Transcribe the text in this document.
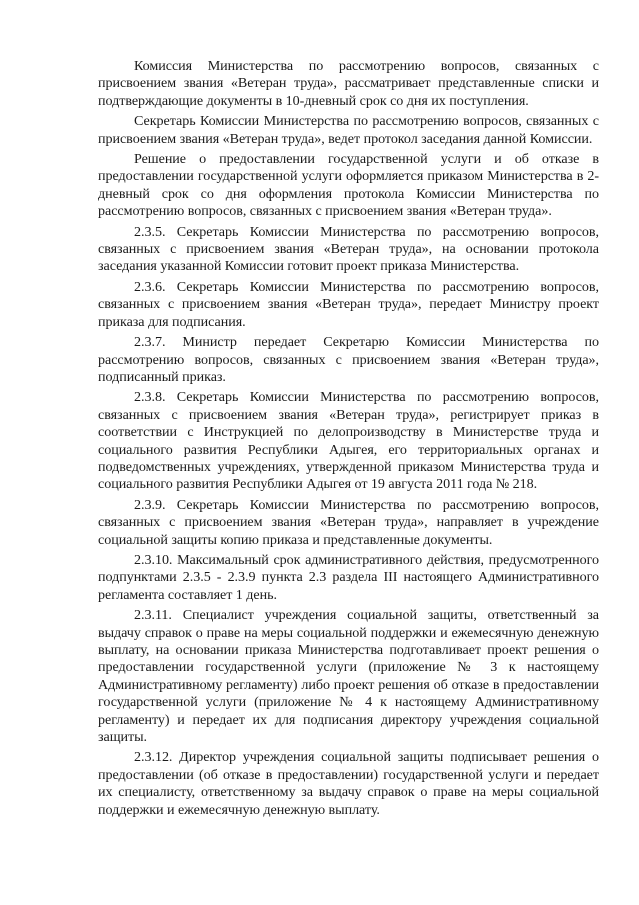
Комиссия Министерства по рассмотрению вопросов, связанных с присвоением звания «Ветеран труда», рассматривает представленные списки и подтверждающие документы в 10-дневный срок со дня их поступления.

Секретарь Комиссии Министерства по рассмотрению вопросов, связанных с присвоением звания «Ветеран труда», ведет протокол заседания данной Комиссии.

Решение о предоставлении государственной услуги и об отказе в предоставлении государственной услуги оформляется приказом Министерства в 2-дневный срок со дня оформления протокола Комиссии Министерства по рассмотрению вопросов, связанных с присвоением звания «Ветеран труда».

2.3.5. Секретарь Комиссии Министерства по рассмотрению вопросов, связанных с присвоением звания «Ветеран труда», на основании протокола заседания указанной Комиссии готовит проект приказа Министерства.

2.3.6. Секретарь Комиссии Министерства по рассмотрению вопросов, связанных с присвоением звания «Ветеран труда», передает Министру проект приказа для подписания.

2.3.7. Министр передает Секретарю Комиссии Министерства по рассмотрению вопросов, связанных с присвоением звания «Ветеран труда», подписанный приказ.

2.3.8. Секретарь Комиссии Министерства по рассмотрению вопросов, связанных с присвоением звания «Ветеран труда», регистрирует приказ в соответствии с Инструкцией по делопроизводству в Министерстве труда и социального развития Республики Адыгея, его территориальных органах и подведомственных учреждениях, утвержденной приказом Министерства труда и социального развития Республики Адыгея от 19 августа 2011 года № 218.

2.3.9. Секретарь Комиссии Министерства по рассмотрению вопросов, связанных с присвоением звания «Ветеран труда», направляет в учреждение социальной защиты копию приказа и представленные документы.

2.3.10. Максимальный срок административного действия, предусмотренного подпунктами 2.3.5 - 2.3.9 пункта 2.3 раздела III настоящего Административного регламента составляет 1 день.

2.3.11. Специалист учреждения социальной защиты, ответственный за выдачу справок о праве на меры социальной поддержки и ежемесячную денежную выплату, на основании приказа Министерства подготавливает проект решения о предоставлении государственной услуги (приложение № 3 к настоящему Административному регламенту) либо проект решения об отказе в предоставлении государственной услуги (приложение № 4 к настоящему Административному регламенту) и передает их для подписания директору учреждения социальной защиты.

2.3.12. Директор учреждения социальной защиты подписывает решения о предоставлении (об отказе в предоставлении) государственной услуги и передает их специалисту, ответственному за выдачу справок о праве на меры социальной поддержки и ежемесячную денежную выплату.
